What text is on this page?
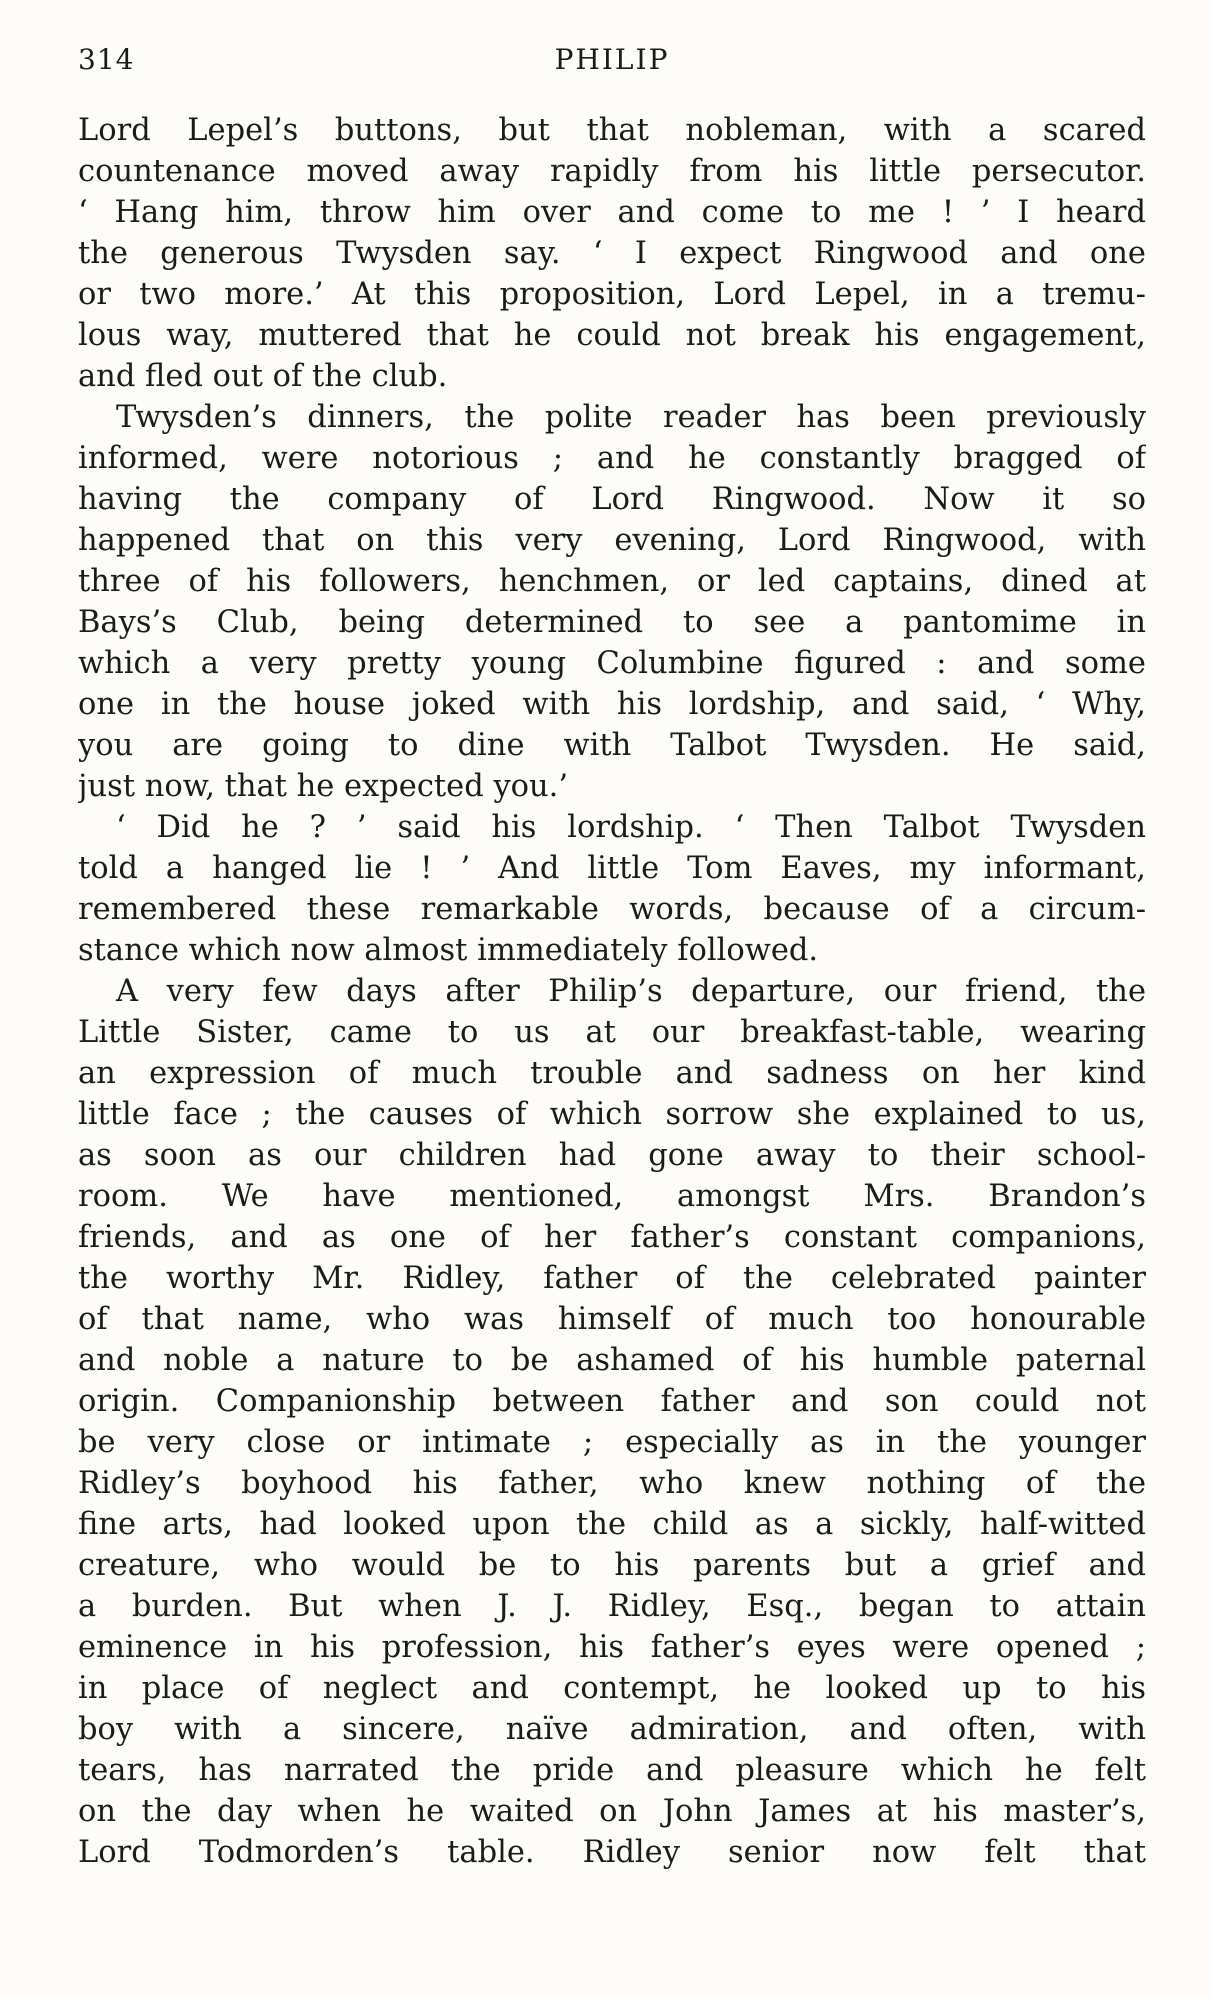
314	PHILIP
Lord Lepel’s buttons, but that nobleman, with a scared
countenance moved away rapidly from his little persecutor.
‘ Hang him, throw him over and come to me ! ’ I heard
the generous Twysden say. ‘ I expect Ringwood and one
or two more.’ At this proposition, Lord Lepel, in a tremu-
lous way, muttered that he could not break his engagement,
and fled out of the club.
Twysden’s dinners, the polite reader has been previously
informed, were notorious ; and he constantly bragged of
having the company of Lord Ringwood. Now it so
happened that on this very evening, Lord Ringwood, with
three of his followers, henchmen, or led captains, dined at
Bays’s Club, being determined to see a pantomime in
which a very pretty young Columbine figured : and some
one in the house joked with his lordship, and said, ‘ Why,
you are going to dine with Talbot Twysden. He said,
just now, that he expected you.’
‘ Did he ? ’ said his lordship. ‘ Then Talbot Twysden
told a hanged lie ! ’ And little Tom Eaves, my informant,
remembered these remarkable words, because of a circum-
stance which now almost immediately followed.
A very few days after Philip’s departure, our friend, the
Little Sister, came to us at our breakfast-table, wearing
an expression of much trouble and sadness on her kind
little face ; the causes of which sorrow she explained to us,
as soon as our children had gone away to their school-
room. We have mentioned, amongst Mrs. Brandon’s
friends, and as one of her father’s constant companions,
the worthy Mr. Ridley, father of the celebrated painter
of that name, who was himself of much too honourable
and noble a nature to be ashamed of his humble paternal
origin. Companionship between father and son could not
be very close or intimate ; especially as in the younger
Ridley’s boyhood his father, who knew nothing of the
fine arts, had looked upon the child as a sickly, half-witted
creature, who would be to his parents but a grief and
a burden. But when J. J. Ridley, Esq., began to attain
eminence in his profession, his father’s eyes were opened ;
in place of neglect and contempt, he looked up to his
boy with a sincere, naïve admiration, and often, with
tears, has narrated the pride and pleasure which he felt
on the day when he waited on John James at his master’s,
Lord Todmorden’s table. Ridley senior now felt that
